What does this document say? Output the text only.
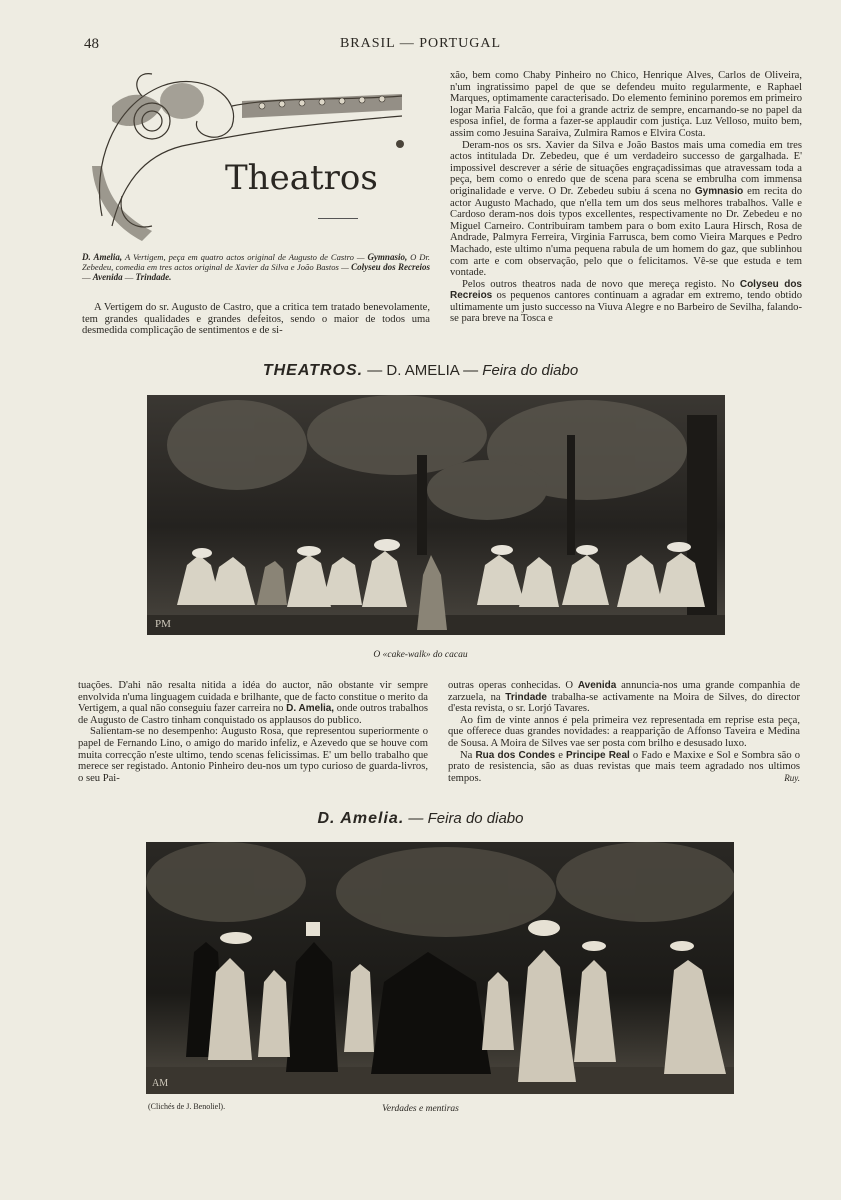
48	BRASIL — PORTUGAL
Theatros
D. Amelia, A Vertigem, peça em quatro actos original de Augusto de Castro — Gymnasio, O Dr. Zebedeu, comedia em tres actos original de Xavier da Silva e João Bastos — Colyseu dos Recreios — Avenida — Trindade.

A Vertigem do sr. Augusto de Castro, que a critica tem tratado benevolamente, tem grandes qualidades e grandes defeitos, sendo o maior de todos uma desmedida complicação de sentimentos e de si-

xão, bem como Chaby Pinheiro no Chico, Henrique Alves, Carlos de Oliveira, n'um ingratissimo papel de que se defendeu muito regularmente, e Raphael Marques, optimamente caracterisado. Do elemento feminino poremos em primeiro logar Maria Falcão, que foi a grande actriz de sempre, encarnando-se no papel da esposa infiel, de forma a fazer-se applaudir com justiça. Luz Velloso, muito bem, assim como Jesuina Saraiva, Zulmira Ramos e Elvira Costa.

Deram-nos os srs. Xavier da Silva e João Bastos mais uma comedia em tres actos intitulada Dr. Zebedeu, que é um verdadeiro successo de gargalhada. E' impossivel descrever a série de situações engraçadissimas que atravessam toda a peça, bem como o enredo que de scena para scena se embrulha com immensa originalidade e verve. O Dr. Zebedeu subiu á scena no Gymnasio em recita do actor Augusto Machado, que n'ella tem um dos seus melhores trabalhos. Valle e Cardoso deram-nos dois typos excellentes, respectivamente no Dr. Zebedeu e no Miguel Carneiro. Contribuiram tambem para o bom exito Laura Hirsch, Rosa de Andrade, Palmyra Ferreira, Virginia Farrusca, bem como Vieira Marques e Pedro Machado, este ultimo n'uma pequena rabula de um homem do gaz, que sublinhou com arte e com observação, pelo que o felicitamos. Vê-se que estuda e tem vontade.

Pelos outros theatros nada de novo que mereça registo. No Colyseu dos Recreios os pequenos cantores continuam a agradar em extremo, tendo obtido ultimamente um justo successo na Viuva Alegre e no Barbeiro de Sevilha, falando-se para breve na Tosca e

THEATROS. — D. AMELIA — Feira do diabo
PM
O «cake-walk» do cacau

tuações. D'ahi não resalta nitida a idéa do auctor, não obstante vir sempre envolvida n'uma linguagem cuidada e brilhante, que de facto constitue o merito da Vertigem, a qual não conseguiu fazer carreira no D. Amelia, onde outros trabalhos de Augusto de Castro tinham conquistado os applausos do publico.

Salientam-se no desempenho: Augusto Rosa, que representou superiormente o papel de Fernando Lino, o amigo do marido infeliz, e Azevedo que se houve com muita correcção n'este ultimo, tendo scenas felicissimas. E' um bello trabalho que merece ser registado. Antonio Pinheiro deu-nos um typo curioso de guarda-livros, o seu Pai-

outras operas conhecidas. O Avenida annuncia-nos uma grande companhia de zarzuela, na Trindade trabalha-se activamente na Moira de Silves, do director d'esta revista, o sr. Lorjó Tavares.

Ao fim de vinte annos é pela primeira vez representada em reprise esta peça, que offerece duas grandes novidades: a reapparição de Affonso Taveira e Medina de Sousa. A Moira de Silves vae ser posta com brilho e desusado luxo.

Na Rua dos Condes e Principe Real o Fado e Maxixe e Sol e Sombra são o prato de resistencia, são as duas revistas que mais teem agradado nos ultimos tempos.	Ruy.

D. Amelia. — Feira do diabo
AM
(Clichés de J. Benoliel).	Verdades e mentiras
